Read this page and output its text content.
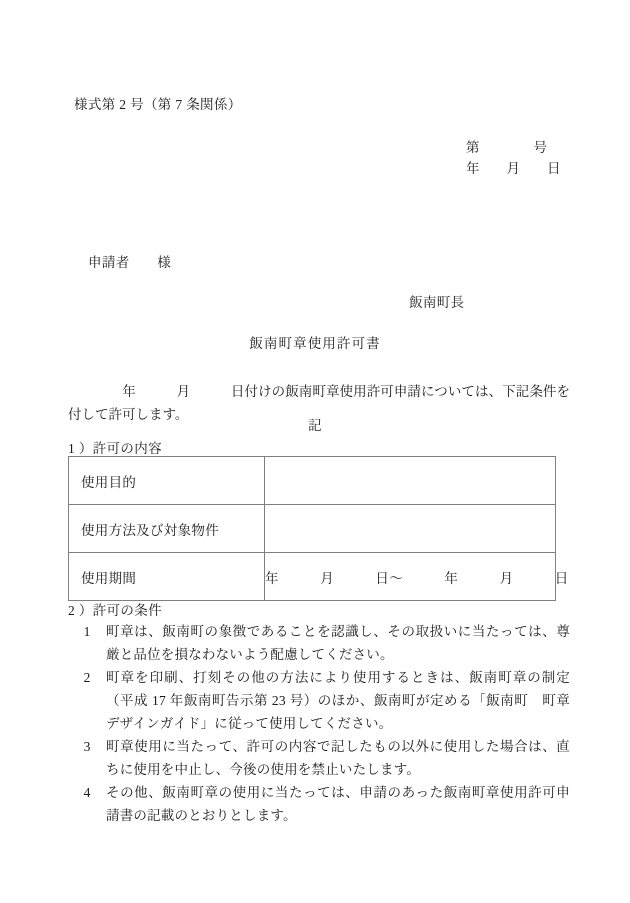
様式第 2 号（第 7 条関係）
第　　　　号
年　　月　　日
申請者　　様
飯南町長
飯南町章使用許可書
　　　　年　　　月　　　日付けの飯南町章使用許可申請については、下記条件を付して許可します。
記
1 ）許可の内容
使用目的	
使用方法及び対象物件	
使用期間	年　　　月　　　日〜　　　年　　　月　　　日
2 ）許可の条件
1	町章は、飯南町の象徴であることを認識し、その取扱いに当たっては、尊厳と品位を損なわないよう配慮してください。
2	町章を印刷、打刻その他の方法により使用するときは、飯南町章の制定（平成 17 年飯南町告示第 23 号）のほか、飯南町が定める「飯南町　町章デザインガイド」に従って使用してください。
3	町章使用に当たって、許可の内容で記したもの以外に使用した場合は、直ちに使用を中止し、今後の使用を禁止いたします。
4	その他、飯南町章の使用に当たっては、申請のあった飯南町章使用許可申請書の記載のとおりとします。
